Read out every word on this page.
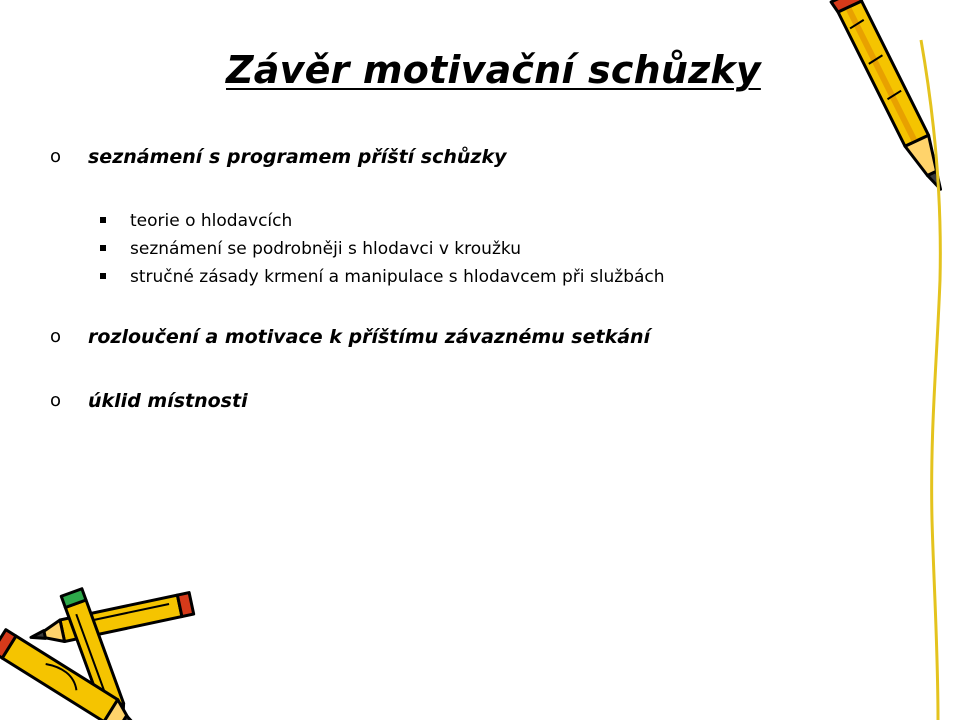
Závěr motivační schůzky
o seznámení s programem příští schůzky
teorie o hlodavcích
seznámení se podrobněji s hlodavci v kroužku
stručné zásady krmení a manipulace s hlodavcem při službách
o rozloučení a motivace k příštímu závaznému setkání
o úklid místnosti
